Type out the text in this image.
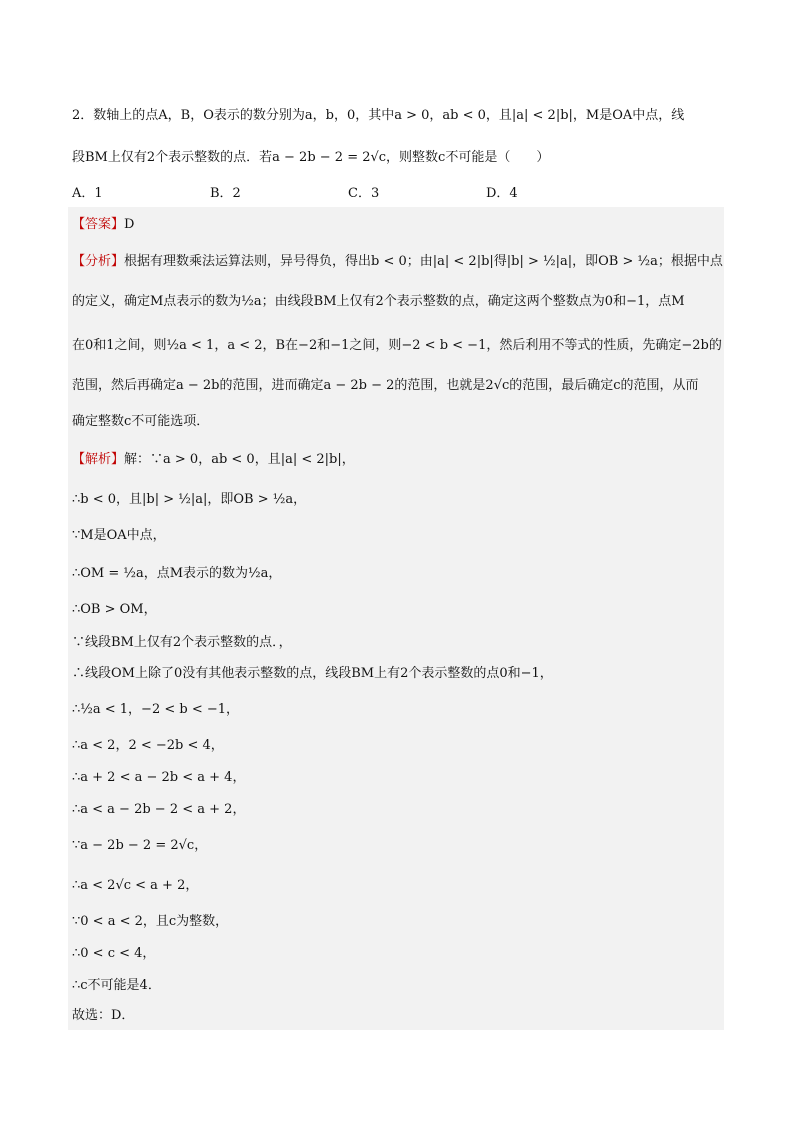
2．数轴上的点A，B，O表示的数分别为a，b，0，其中a > 0，ab < 0，且|a| < 2|b|，M是OA中点，线
段BM上仅有2个表示整数的点．若a − 2b − 2 = 2√c，则整数c不可能是（　　）
A．1	B．2	C．3	D．4
【答案】D
【分析】根据有理数乘法运算法则，异号得负，得出b < 0；由|a| < 2|b|得|b| > ½|a|，即OB > ½a；根据中点
的定义，确定M点表示的数为½a；由线段BM上仅有2个表示整数的点，确定这两个整数点为0和−1，点M
在0和1之间，则½a < 1，a < 2，B在−2和−1之间，则−2 < b < −1，然后利用不等式的性质，先确定−2b的
范围，然后再确定a − 2b的范围，进而确定a − 2b − 2的范围，也就是2√c的范围，最后确定c的范围，从而
确定整数c不可能选项．
【解析】解：∵a > 0，ab < 0，且|a| < 2|b|，
∴b < 0，且|b| > ½|a|，即OB > ½a，
∵M是OA中点，
∴OM = ½a，点M表示的数为½a，
∴OB > OM，
∵线段BM上仅有2个表示整数的点．，
∴线段OM上除了0没有其他表示整数的点，线段BM上有2个表示整数的点0和−1，
∴½a < 1，−2 < b < −1，
∴a < 2，2 < −2b < 4，
∴a + 2 < a − 2b < a + 4，
∴a < a − 2b − 2 < a + 2，
∵a − 2b − 2 = 2√c，
∴a < 2√c < a + 2，
∵0 < a < 2，且c为整数，
∴0 < c < 4，
∴c不可能是4．
故选：D．
